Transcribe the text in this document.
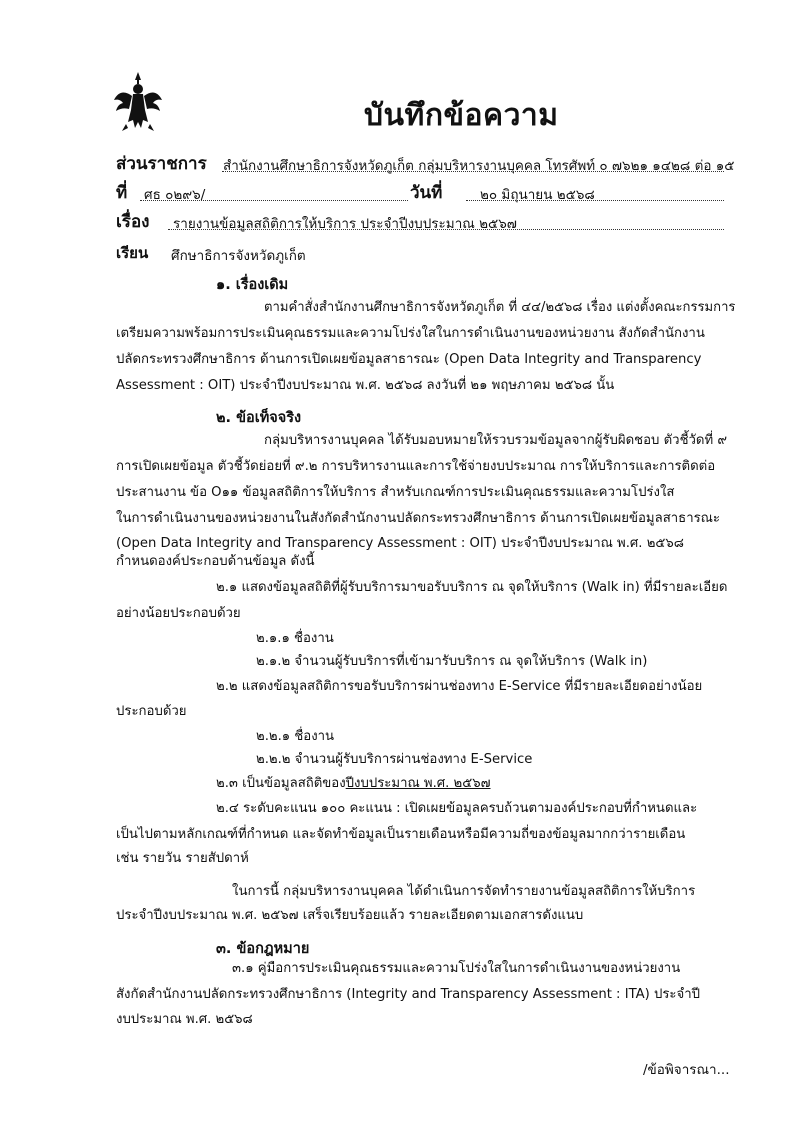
บันทึกข้อความ
ส่วนราชการ สำนักงานศึกษาธิการจังหวัดภูเก็ต กลุ่มบริหารงานบุคคล โทรศัพท์ ๐ ๗๖๒๑ ๑๔๒๘ ต่อ ๑๕
ที่ ศธ ๐๒๙๖/	วันที่	๒๐ มิถุนายน ๒๕๖๘
เรื่อง รายงานข้อมูลสถิติการให้บริการ ประจำปีงบประมาณ ๒๕๖๗
เรียน ศึกษาธิการจังหวัดภูเก็ต
๑. เรื่องเดิม
ตามคำสั่งสำนักงานศึกษาธิการจังหวัดภูเก็ต ที่ ๔๔/๒๕๖๘ เรื่อง แต่งตั้งคณะกรรมการ
เตรียมความพร้อมการประเมินคุณธรรมและความโปร่งใสในการดำเนินงานของหน่วยงาน สังกัดสำนักงาน
ปลัดกระทรวงศึกษาธิการ ด้านการเปิดเผยข้อมูลสาธารณะ (Open Data Integrity and Transparency
Assessment : OIT) ประจำปีงบประมาณ พ.ศ. ๒๕๖๘ ลงวันที่ ๒๑ พฤษภาคม ๒๕๖๘ นั้น
๒. ข้อเท็จจริง
กลุ่มบริหารงานบุคคล ได้รับมอบหมายให้รวบรวมข้อมูลจากผู้รับผิดชอบ ตัวชี้วัดที่ ๙
การเปิดเผยข้อมูล ตัวชี้วัดย่อยที่ ๙.๒ การบริหารงานและการใช้จ่ายงบประมาณ การให้บริการและการติดต่อ
ประสานงาน ข้อ O๑๑ ข้อมูลสถิติการให้บริการ สำหรับเกณฑ์การประเมินคุณธรรมและความโปร่งใส
ในการดำเนินงานของหน่วยงานในสังกัดสำนักงานปลัดกระทรวงศึกษาธิการ ด้านการเปิดเผยข้อมูลสาธารณะ
(Open Data Integrity and Transparency Assessment : OIT) ประจำปีงบประมาณ พ.ศ. ๒๕๖๘
กำหนดองค์ประกอบด้านข้อมูล ดังนี้
๒.๑ แสดงข้อมูลสถิติที่ผู้รับบริการมาขอรับบริการ ณ จุดให้บริการ (Walk in) ที่มีรายละเอียด
อย่างน้อยประกอบด้วย
๒.๑.๑ ชื่องาน
๒.๑.๒ จำนวนผู้รับบริการที่เข้ามารับบริการ ณ จุดให้บริการ (Walk in)
๒.๒ แสดงข้อมูลสถิติการขอรับบริการผ่านช่องทาง E-Service ที่มีรายละเอียดอย่างน้อย
ประกอบด้วย
๒.๒.๑ ชื่องาน
๒.๒.๒ จำนวนผู้รับบริการผ่านช่องทาง E-Service
๒.๓ เป็นข้อมูลสถิติของปีงบประมาณ พ.ศ. ๒๕๖๗
๒.๔ ระดับคะแนน ๑๐๐ คะแนน : เปิดเผยข้อมูลครบถ้วนตามองค์ประกอบที่กำหนดและ
เป็นไปตามหลักเกณฑ์ที่กำหนด และจัดทำข้อมูลเป็นรายเดือนหรือมีความถี่ของข้อมูลมากกว่ารายเดือน
เช่น รายวัน รายสัปดาห์
ในการนี้ กลุ่มบริหารงานบุคคล ได้ดำเนินการจัดทำรายงานข้อมูลสถิติการให้บริการ
ประจำปีงบประมาณ พ.ศ. ๒๕๖๗ เสร็จเรียบร้อยแล้ว รายละเอียดตามเอกสารดังแนบ
๓. ข้อกฎหมาย
๓.๑ คู่มือการประเมินคุณธรรมและความโปร่งใสในการดำเนินงานของหน่วยงาน
สังกัดสำนักงานปลัดกระทรวงศึกษาธิการ (Integrity and Transparency Assessment : ITA) ประจำปี
งบประมาณ พ.ศ. ๒๕๖๘
/ข้อพิจารณา...
